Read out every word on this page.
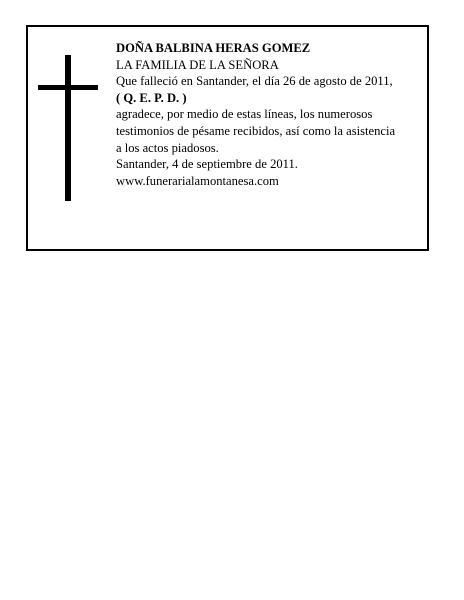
DOÑA BALBINA HERAS GOMEZ
LA FAMILIA DE LA SEÑORA
Que falleció en Santander, el día 26 de agosto de 2011,
( Q. E. P. D. )
agradece, por medio de estas líneas, los numerosos
testimonios de pésame recibidos, así como la asistencia
a los actos piadosos.
Santander, 4 de septiembre de 2011.
www.funerarialamontanesa.com
